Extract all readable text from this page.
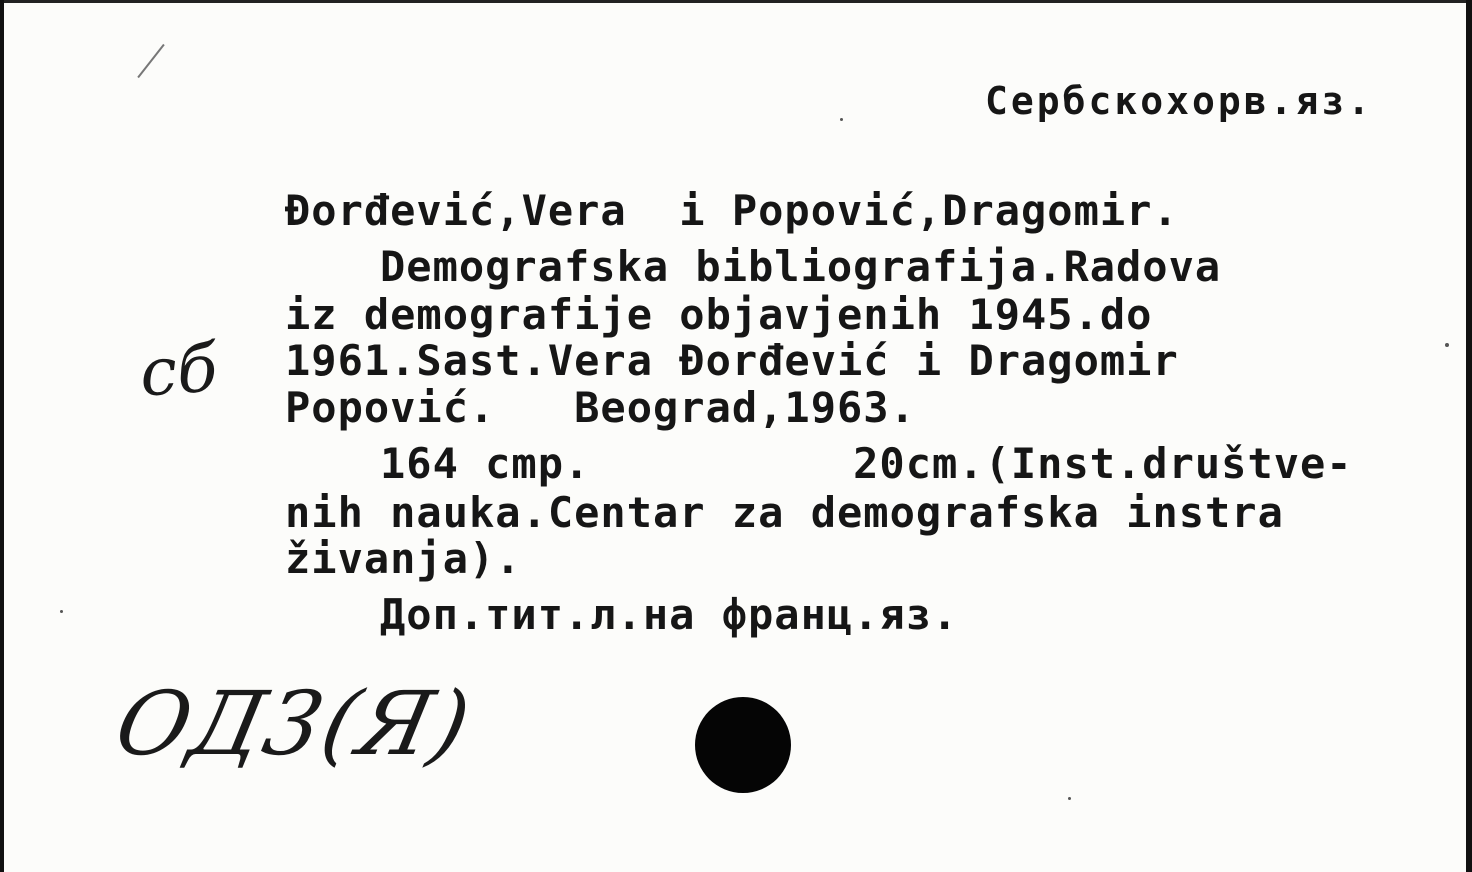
Сербскохорв.яз.
Đorđević,Vera  i Popović,Dragomir.
Demografska bibliografija.Radova
iz demografije objavjenih 1945.do
1961.Sast.Vera Đorđević i Dragomir
Popović.   Beograd,1963.
164 cmp.          20cm.(Inst.društve-
nih nauka.Centar za demografska instra
živanja).
Доп.тит.л.на франц.яз.
сб
ОД3(Я)
